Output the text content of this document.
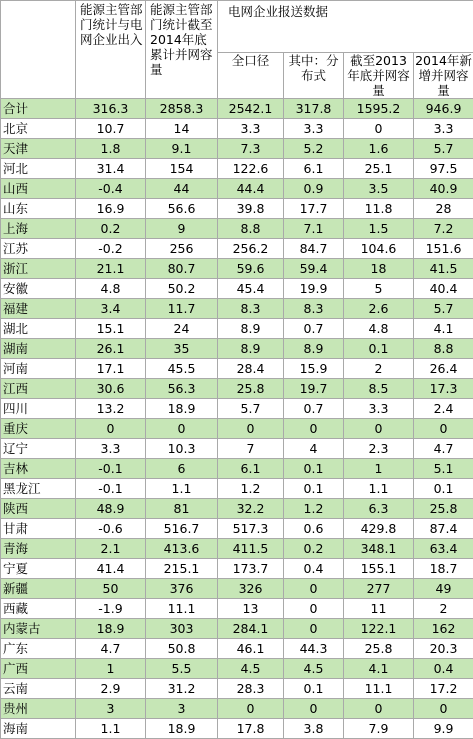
	能源主管部门统计与电网企业出入	能源主管部门统计截至2014年底累计并网容量	电网企业报送数据			
			全口径	其中：分布式	截至2013年底并网容量	2014年新增并网容量
合计	316.3	2858.3	2542.1	317.8	1595.2	946.9
北京	10.7	14	3.3	3.3	0	3.3
天津	1.8	9.1	7.3	5.2	1.6	5.7
河北	31.4	154	122.6	6.1	25.1	97.5
山西	-0.4	44	44.4	0.9	3.5	40.9
山东	16.9	56.6	39.8	17.7	11.8	28
上海	0.2	9	8.8	7.1	1.5	7.2
江苏	-0.2	256	256.2	84.7	104.6	151.6
浙江	21.1	80.7	59.6	59.4	18	41.5
安徽	4.8	50.2	45.4	19.9	5	40.4
福建	3.4	11.7	8.3	8.3	2.6	5.7
湖北	15.1	24	8.9	0.7	4.8	4.1
湖南	26.1	35	8.9	8.9	0.1	8.8
河南	17.1	45.5	28.4	15.9	2	26.4
江西	30.6	56.3	25.8	19.7	8.5	17.3
四川	13.2	18.9	5.7	0.7	3.3	2.4
重庆	0	0	0	0	0	0
辽宁	3.3	10.3	7	4	2.3	4.7
吉林	-0.1	6	6.1	0.1	1	5.1
黑龙江	-0.1	1.1	1.2	0.1	1.1	0.1
陕西	48.9	81	32.2	1.2	6.3	25.8
甘肃	-0.6	516.7	517.3	0.6	429.8	87.4
青海	2.1	413.6	411.5	0.2	348.1	63.4
宁夏	41.4	215.1	173.7	0.4	155.1	18.7
新疆	50	376	326	0	277	49
西藏	-1.9	11.1	13	0	11	2
内蒙古	18.9	303	284.1	0	122.1	162
广东	4.7	50.8	46.1	44.3	25.8	20.3
广西	1	5.5	4.5	4.5	4.1	0.4
云南	2.9	31.2	28.3	0.1	11.1	17.2
贵州	3	3	0	0	0	0
海南	1.1	18.9	17.8	3.8	7.9	9.9
